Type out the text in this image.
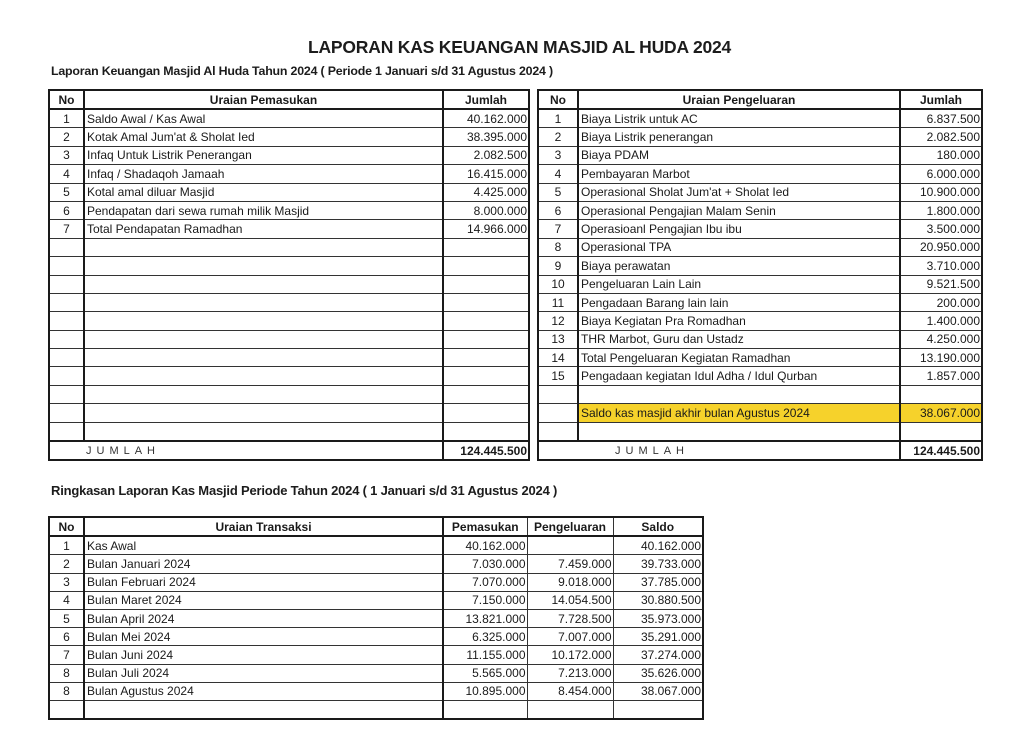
LAPORAN KAS KEUANGAN MASJID AL HUDA 2024
Laporan Keuangan Masjid Al Huda Tahun 2024 ( Periode 1 Januari s/d 31 Agustus 2024 )
No	Uraian Pemasukan	Jumlah
1	Saldo Awal / Kas Awal	40.162.000
2	Kotak Amal Jum'at & Sholat Ied	38.395.000
3	Infaq Untuk Listrik Penerangan	2.082.500
4	Infaq / Shadaqoh Jamaah	16.415.000
5	Kotal amal diluar Masjid	4.425.000
6	Pendapatan dari sewa rumah milik Masjid	8.000.000
7	Total Pendapatan Ramadhan	14.966.000

JUMLAH		124.445.500
No	Uraian Pengeluaran	Jumlah
1	Biaya Listrik untuk AC	6.837.500
2	Biaya Listrik penerangan	2.082.500
3	Biaya PDAM	180.000
4	Pembayaran Marbot	6.000.000
5	Operasional Sholat Jum'at + Sholat Ied	10.900.000
6	Operasional Pengajian Malam Senin	1.800.000
7	Operasioanl Pengajian Ibu ibu	3.500.000
8	Operasional TPA	20.950.000
9	Biaya perawatan	3.710.000
10	Pengeluaran Lain Lain	9.521.500
11	Pengadaan Barang lain lain	200.000
12	Biaya Kegiatan Pra Romadhan	1.400.000
13	THR Marbot, Guru dan Ustadz	4.250.000
14	Total Pengeluaran Kegiatan Ramadhan	13.190.000
15	Pengadaan kegiatan Idul Adha / Idul Qurban	1.857.000

	Saldo kas masjid akhir bulan Agustus 2024	38.067.000

JUMLAH		124.445.500
Ringkasan Laporan Kas Masjid Periode Tahun 2024 ( 1 Januari s/d 31 Agustus 2024 )
No	Uraian Transaksi	Pemasukan	Pengeluaran	Saldo
1	Kas Awal	40.162.000		40.162.000
2	Bulan Januari 2024	7.030.000	7.459.000	39.733.000
3	Bulan Februari 2024	7.070.000	9.018.000	37.785.000
4	Bulan Maret 2024	7.150.000	14.054.500	30.880.500
5	Bulan April 2024	13.821.000	7.728.500	35.973.000
6	Bulan Mei 2024	6.325.000	7.007.000	35.291.000
7	Bulan Juni 2024	11.155.000	10.172.000	37.274.000
8	Bulan Juli 2024	5.565.000	7.213.000	35.626.000
8	Bulan Agustus 2024	10.895.000	8.454.000	38.067.000
